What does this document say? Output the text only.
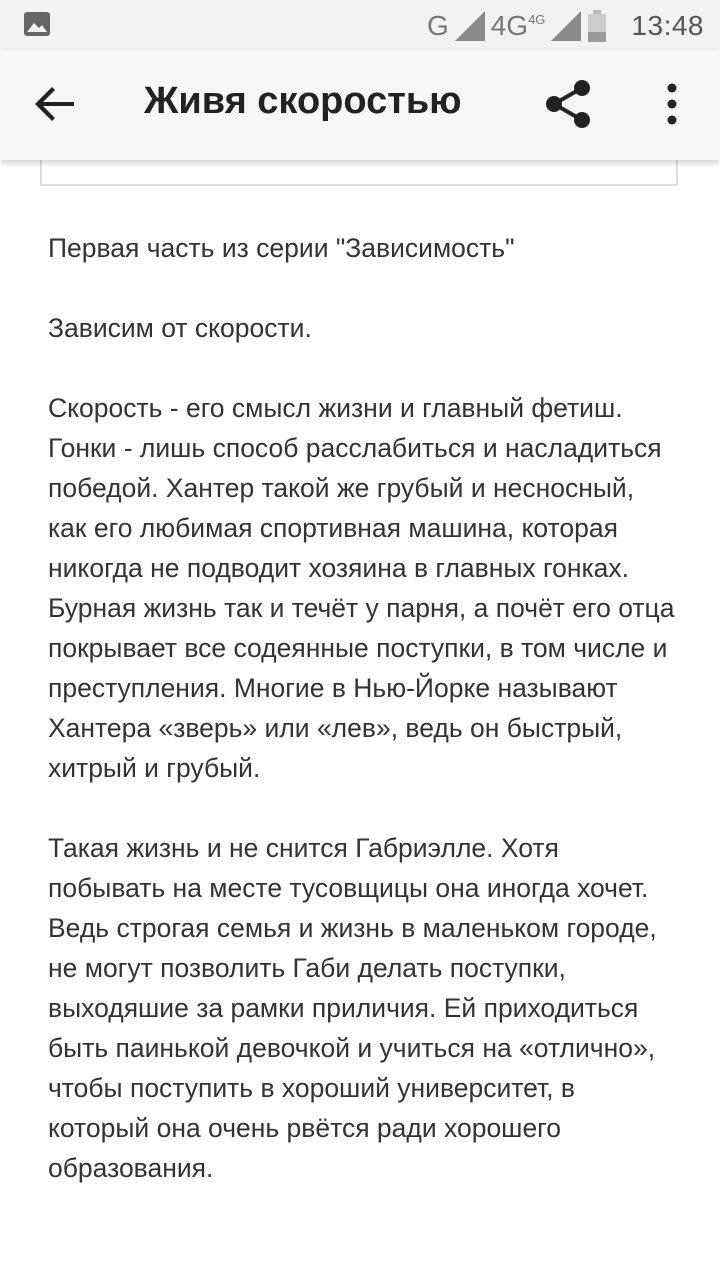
G $4G^{4G}$	13:48
Живя скоростью

Первая часть из серии "Зависимость"

Зависим от скорости.

Скорость - его смысл жизни и главный фетиш. Гонки - лишь способ расслабиться и насладиться победой. Хантер такой же грубый и несносный, как его любимая спортивная машина, которая никогда не подводит хозяина в главных гонках. Бурная жизнь так и течёт у парня, а почёт его отца покрывает все содеянные поступки, в том числе и преступления. Многие в Нью-Йорке называют Хантера «зверь» или «лев», ведь он быстрый, хитрый и грубый.

Такая жизнь и не снится Габриэлле. Хотя побывать на месте тусовщицы она иногда хочет. Ведь строгая семья и жизнь в маленьком городе, не могут позволить Габи делать поступки, выходяшие за рамки приличия. Ей приходиться быть паинькой девочкой и учиться на «отлично», чтобы поступить в хороший университет, в который она очень рвётся ради хорошего образования.
